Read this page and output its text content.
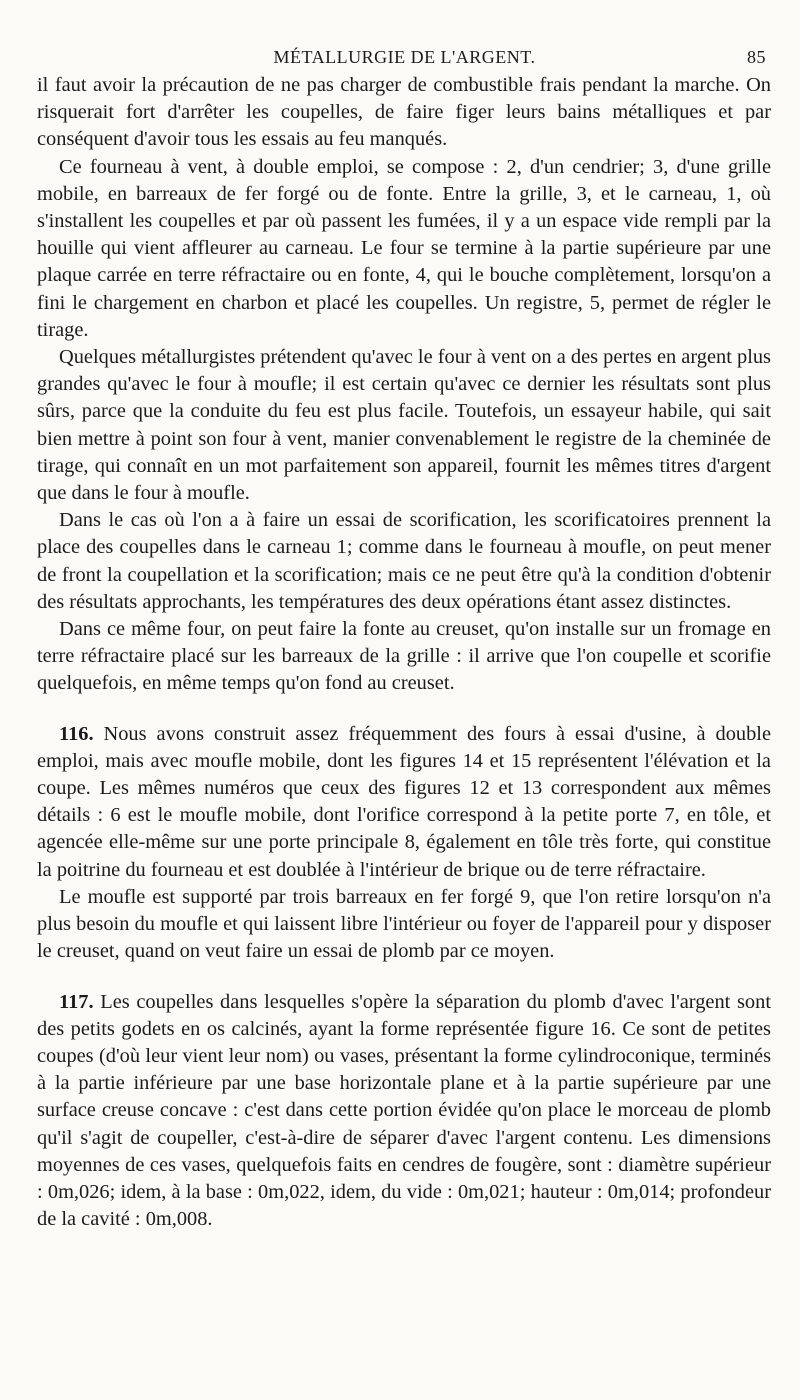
MÉTALLURGIE DE L'ARGENT.	85

il faut avoir la précaution de ne pas charger de combustible frais pendant la marche. On risquerait fort d'arrêter les coupelles, de faire figer leurs bains métalliques et par conséquent d'avoir tous les essais au feu manqués.

Ce fourneau à vent, à double emploi, se compose : 2, d'un cendrier; 3, d'une grille mobile, en barreaux de fer forgé ou de fonte. Entre la grille, 3, et le carneau, 1, où s'installent les coupelles et par où passent les fumées, il y a un espace vide rempli par la houille qui vient affleurer au carneau. Le four se termine à la partie supérieure par une plaque carrée en terre réfractaire ou en fonte, 4, qui le bouche complètement, lorsqu'on a fini le chargement en charbon et placé les coupelles. Un registre, 5, permet de régler le tirage.

Quelques métallurgistes prétendent qu'avec le four à vent on a des pertes en argent plus grandes qu'avec le four à moufle; il est certain qu'avec ce dernier les résultats sont plus sûrs, parce que la conduite du feu est plus facile. Toutefois, un essayeur habile, qui sait bien mettre à point son four à vent, manier convenablement le registre de la cheminée de tirage, qui connaît en un mot parfaitement son appareil, fournit les mêmes titres d'argent que dans le four à moufle.

Dans le cas où l'on a à faire un essai de scorification, les scorificatoires prennent la place des coupelles dans le carneau 1; comme dans le fourneau à moufle, on peut mener de front la coupellation et la scorification; mais ce ne peut être qu'à la condition d'obtenir des résultats approchants, les températures des deux opérations étant assez distinctes.

Dans ce même four, on peut faire la fonte au creuset, qu'on installe sur un fromage en terre réfractaire placé sur les barreaux de la grille : il arrive que l'on coupelle et scorifie quelquefois, en même temps qu'on fond au creuset.

116. Nous avons construit assez fréquemment des fours à essai d'usine, à double emploi, mais avec moufle mobile, dont les figures 14 et 15 représentent l'élévation et la coupe. Les mêmes numéros que ceux des figures 12 et 13 correspondent aux mêmes détails : 6 est le moufle mobile, dont l'orifice correspond à la petite porte 7, en tôle, et agencée elle-même sur une porte principale 8, également en tôle très forte, qui constitue la poitrine du fourneau et est doublée à l'intérieur de brique ou de terre réfractaire.

Le moufle est supporté par trois barreaux en fer forgé 9, que l'on retire lorsqu'on n'a plus besoin du moufle et qui laissent libre l'intérieur ou foyer de l'appareil pour y disposer le creuset, quand on veut faire un essai de plomb par ce moyen.

117. Les coupelles dans lesquelles s'opère la séparation du plomb d'avec l'argent sont des petits godets en os calcinés, ayant la forme représentée figure 16. Ce sont de petites coupes (d'où leur vient leur nom) ou vases, présentant la forme cylindroconique, terminés à la partie inférieure par une base horizontale plane et à la partie supérieure par une surface creuse concave : c'est dans cette portion évidée qu'on place le morceau de plomb qu'il s'agit de coupeller, c'est-à-dire de séparer d'avec l'argent contenu. Les dimensions moyennes de ces vases, quelquefois faits en cendres de fougère, sont : diamètre supérieur : 0m,026; idem, à la base : 0m,022, idem, du vide : 0m,021; hauteur : 0m,014; profondeur de la cavité : 0m,008.
